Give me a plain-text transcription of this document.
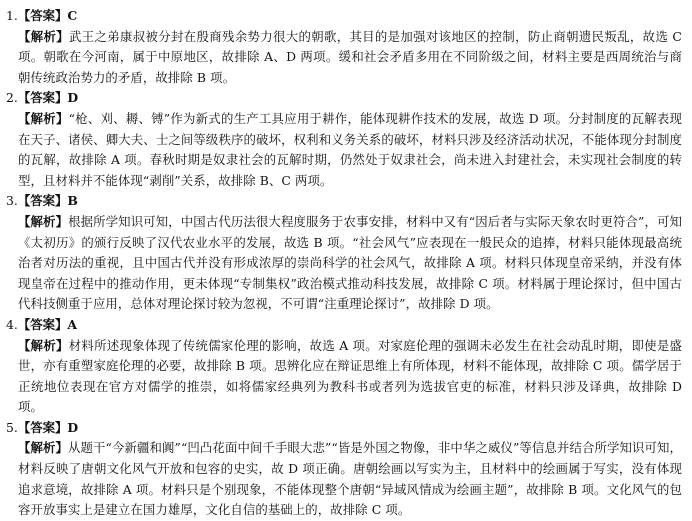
1.【答案】C
【解析】武王之弟康叔被分封在殷商残余势力很大的朝歌，其目的是加强对该地区的控制，防止商朝遗民叛乱，故选 C 项。朝歌在今河南，属于中原地区，故排除 A、D 两项。缓和社会矛盾多用在不同阶级之间，材料主要是西周统治与商朝传统政治势力的矛盾，故排除 B 项。
2.【答案】D
【解析】“枪、刈、耨、镈”作为新式的生产工具应用于耕作，能体现耕作技术的发展，故选 D 项。分封制度的瓦解表现在天子、诸侯、卿大夫、士之间等级秩序的破坏，权利和义务关系的破坏，材料只涉及经济活动状况，不能体现分封制度的瓦解，故排除 A 项。春秋时期是奴隶社会的瓦解时期，仍然处于奴隶社会，尚未进入封建社会，未实现社会制度的转型，且材料并不能体现“剥削”关系，故排除 B、C 两项。
3.【答案】B
【解析】根据所学知识可知，中国古代历法很大程度服务于农事安排，材料中又有“因后者与实际天象农时更符合”，可知《太初历》的颁行反映了汉代农业水平的发展，故选 B 项。“社会风气”应表现在一般民众的追捧，材料只能体现最高统治者对历法的重视，且中国古代并没有形成浓厚的崇尚科学的社会风气，故排除 A 项。材料只体现皇帝采纳，并没有体现皇帝在过程中的推动作用，更未体现“专制集权”政治模式推动科技发展，故排除 C 项。材料属于理论探讨，但中国古代科技侧重于应用，总体对理论探讨较为忽视，不可谓“注重理论探讨”，故排除 D 项。
4.【答案】A
【解析】材料所述现象体现了传统儒家伦理的影响，故选 A 项。对家庭伦理的强调未必发生在社会动乱时期，即使是盛世，亦有重塑家庭伦理的必要，故排除 B 项。思辨化应在辩证思维上有所体现，材料不能体现，故排除 C 项。儒学居于正统地位表现在官方对儒学的推崇，如将儒家经典列为教科书或者列为选拔官吏的标准，材料只涉及译典，故排除 D 项。
5.【答案】D
【解析】从题干“今新疆和阗”“凹凸花面中间千手眼大悲”“皆是外国之物像，非中华之威仪”等信息并结合所学知识可知，材料反映了唐朝文化风气开放和包容的史实，故 D 项正确。唐朝绘画以写实为主，且材料中的绘画属于写实，没有体现追求意境，故排除 A 项。材料只是个别现象，不能体现整个唐朝“异域风情成为绘画主题”，故排除 B 项。文化风气的包容开放事实上是建立在国力雄厚，文化自信的基础上的，故排除 C 项。
